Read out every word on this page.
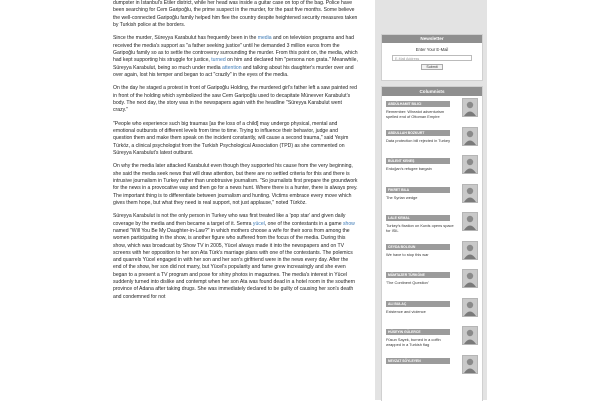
dumpster in İstanbul's Etiler district, while her head was inside a guitar case on top of the bag. Police have been searching for Cem Garipoğlu, the prime suspect in the murder, for the past five months. Some believe the well-connected Garipoğlu family helped him flee the country despite heightened security measures taken by Turkish police at the borders.

Since the murder, Süreyya Karabulut has frequently been in the media and on television programs and had received the media's support as "a father seeking justice" until he demanded 3 million euros from the Garipoğlu family so as to settle the controversy surrounding the murder. From this point on, the media, which had kept supporting his struggle for justice, turned on him and declared him "persona non grata." Meanwhile, Süreyya Karabulut, being so much under media attention and talking about his daughter's murder over and over again, lost his temper and began to act "crazily" in the eyes of the media.

On the day he staged a protest in front of Garipoğlu Holding, the murdered girl's father left a saw painted red in front of the holding which symbolized the saw Cem Garipoğlu used to decapitate Münevver Karabulut's body. The next day, the story was in the newspapers again with the headline "Süreyya Karabulut went crazy."

"People who experience such big traumas [as the loss of a child] may undergo physical, mental and emotional outbursts of different levels from time to time. Trying to influence their behavior, judge and question them and make them speak on the incident constantly, will cause a second trauma," said Yeşim Türköz, a clinical psychologist from the Turkish Psychological Association (TPD) as she commented on Süreyya Karabulut's latest outburst.

On why the media later attacked Karabulut even though they supported his cause from the very beginning, she said the media seek news that will draw attention, but there are no settled criteria for this and there is intrusive journalism in Turkey rather than unobtrusive journalism. "So journalists first prepare the groundwork for the news in a provocative way and then go for a news hunt. Where there is a hunter, there is always prey. The important thing is to differentiate between journalism and hunting. Victims embrace every move which gives them hope, but what they need is real support, not just applause," noted Türköz.

Süreyya Karabulut is not the only person in Turkey who was first treated like a 'pop star' and given daily coverage by the media and then became a target of it. Semra yücel, one of the contestants in a game show named "Will You Be My Daughter-in-Law?" in which mothers choose a wife for their sons from among the women participating in the show, is another figure who suffered from the focus of the media. During this show, which was broadcast by Show TV in 2005, Yücel always made it into the newspapers and on TV screens with her opposition to her son Ata Türk's marriage plans with one of the contestants. The polemics and quarrels Yücel engaged in with her son and her son's girlfriend were in the news every day. After the end of the show, her son did not marry, but Yücel's popularity and fame grew increasingly and she even began to a present a TV program and pose for shiny photos in magazines. The media's interest in Yücel suddenly turned into dislike and contempt when her son Ata was found dead in a hotel room in the southern province of Adana after taking drugs. She was immediately declared to be guilty of causing her son's death and condemned for not

Newsletter
Enter Your E-Mail
E-Mail Address
Submit
Columnists
ABDÜLHAMIT BILICI
Remember: Wheatot adventurism spelled end of Ottoman Empire
ABDULLAH BOZKURT
Data protection bill rejected in Turkey
BÜLENT KENEŞ
Erdoğan's refugee bargain
FIKRET BILA
The Syrian wedge
LALE KEMAL
Turkey's fixation on Kurds opens space for ISIL
CEYDA BOLGUN
We have to stop this war
MÜMTAZER TÜRKÖNE
'The Continent Question'
ALI BULAÇ
Existence and violence
HÜSEYIN GÜLERCE
Füsun Sayek, burned in a coffin wrapped in a Turkish flag
NEVZAT SÖYLEYEN
